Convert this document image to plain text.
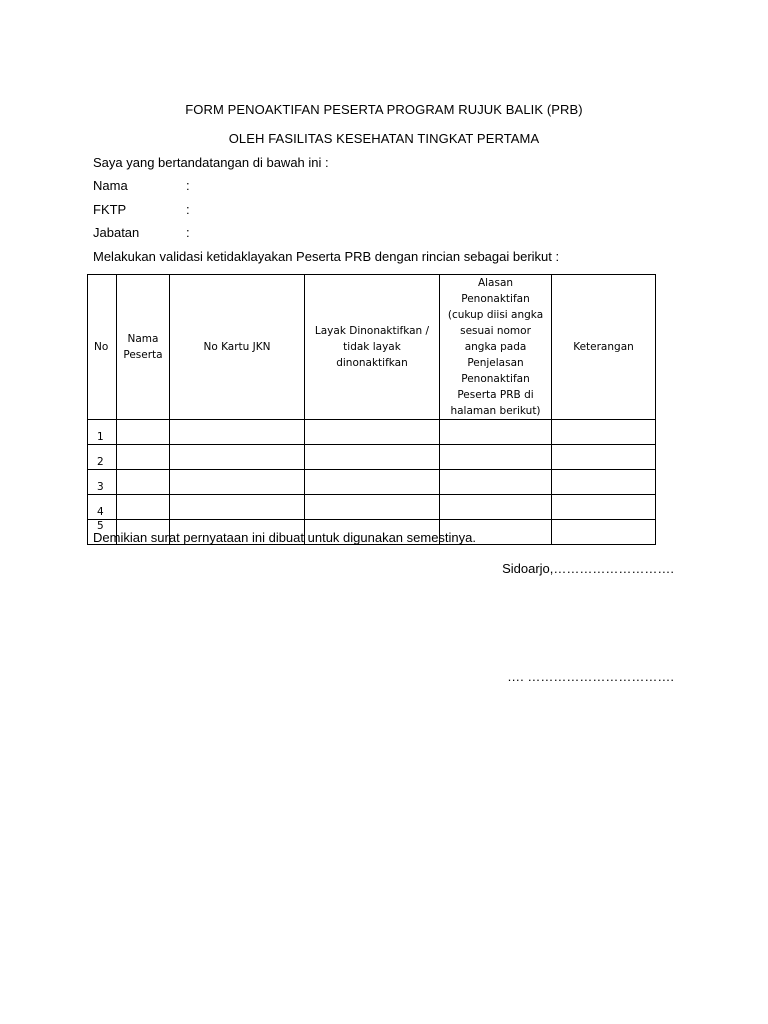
FORM PENOAKTIFAN PESERTA PROGRAM RUJUK BALIK (PRB)
OLEH FASILITAS KESEHATAN TINGKAT PERTAMA
Saya yang bertandatangan di bawah ini :
Nama	:
FKTP	:
Jabatan	:
Melakukan validasi ketidaklayakan Peserta PRB dengan rincian sebagai berikut :
No	Nama Peserta	No Kartu JKN	Layak Dinonaktifkan / tidak layak dinonaktifkan	Alasan Penonaktifan (cukup diisi angka sesuai nomor angka pada Penjelasan Penonaktifan Peserta PRB di halaman berikut)	Keterangan
1					
2					
3					
4					
5					
Demikian surat pernyataan ini dibuat untuk digunakan semestinya.
Sidoarjo,……………………….
…. …………………………….
